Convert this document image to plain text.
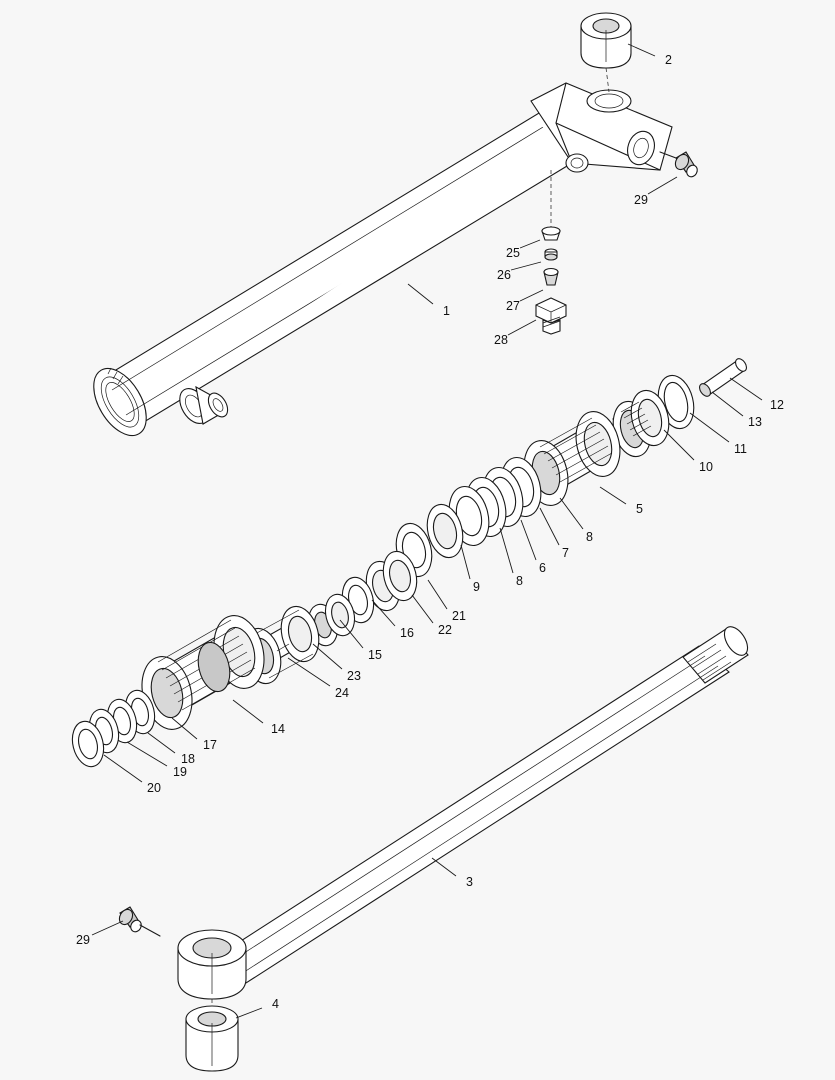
1
2
3
4
5
6
7
8
8
9
10
11
12
13
14
15
16
17
18
19
20
21
22
23
24
25
26
27
28
29
29
